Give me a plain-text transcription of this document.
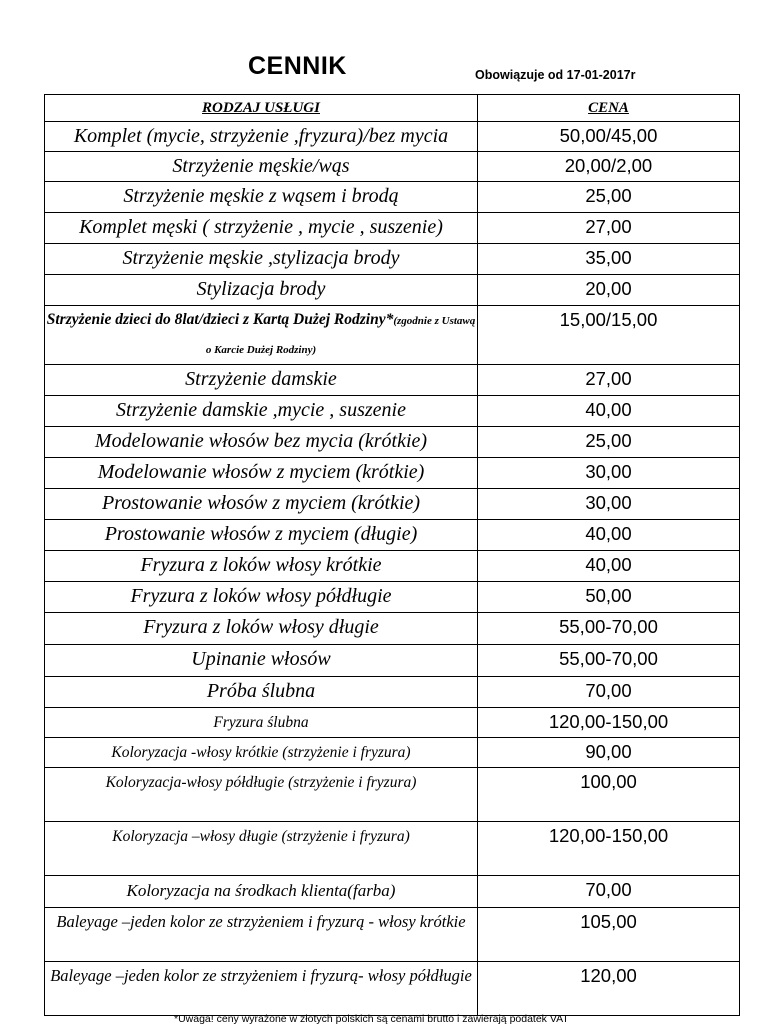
CENNIK	Obowiązuje od 17-01-2017r
RODZAJ USŁUGI	CENA
Komplet (mycie, strzyżenie ,fryzura)/bez mycia	50,00/45,00
Strzyżenie męskie/wąs	20,00/2,00
Strzyżenie męskie z wąsem i brodą	25,00
Komplet męski ( strzyżenie , mycie , suszenie)	27,00
Strzyżenie męskie ,stylizacja brody	35,00
Stylizacja brody	20,00
Strzyżenie dzieci do 8lat/dzieci z Kartą Dużej Rodziny*(zgodnie z Ustawą o Karcie Dużej Rodziny)	15,00/15,00
Strzyżenie damskie	27,00
Strzyżenie damskie ,mycie , suszenie	40,00
Modelowanie włosów bez mycia (krótkie)	25,00
Modelowanie włosów z myciem (krótkie)	30,00
Prostowanie włosów z myciem (krótkie)	30,00
Prostowanie włosów z myciem (długie)	40,00
Fryzura z loków włosy krótkie	40,00
Fryzura z loków włosy półdługie	50,00
Fryzura z loków włosy długie	55,00-70,00
Upinanie włosów	55,00-70,00
Próba ślubna	70,00
Fryzura ślubna	120,00-150,00
Koloryzacja -włosy krótkie (strzyżenie i fryzura)	90,00
Koloryzacja-włosy półdługie (strzyżenie i fryzura)	100,00
Koloryzacja –włosy długie (strzyżenie i fryzura)	120,00-150,00
Koloryzacja na środkach klienta(farba)	70,00
Baleyage –jeden kolor ze strzyżeniem i fryzurą - włosy krótkie	105,00
Baleyage –jeden kolor ze strzyżeniem i fryzurą- włosy półdługie	120,00
*Uwaga! ceny wyrażone w złotych polskich są cenami brutto i zawierają podatek VAT
